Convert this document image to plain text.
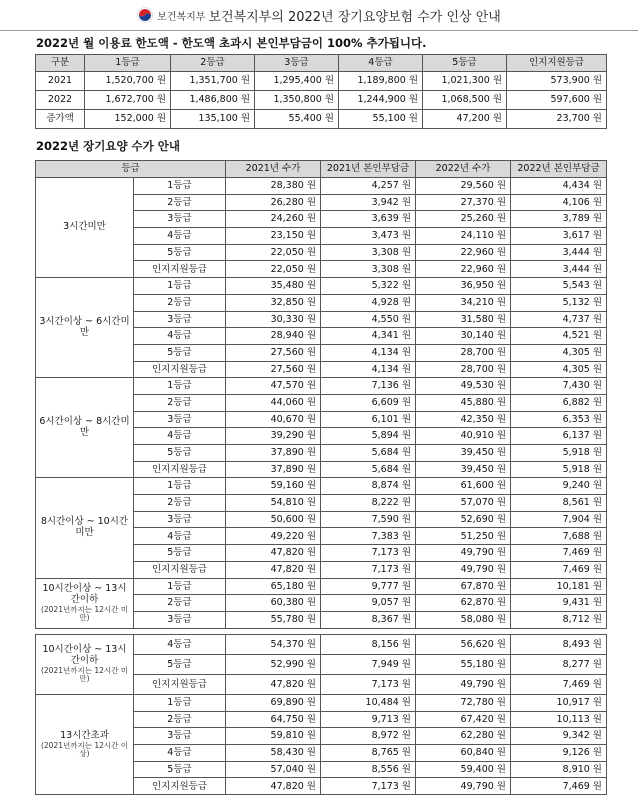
보건복지부 보건복지부의 2022년 장기요양보험 수가 인상 안내
2022년 월 이용료 한도액 - 한도액 초과시 본인부담금이 100% 추가됩니다.
구분	1등급	2등급	3등급	4등급	5등급	인지지원등급
2021	1,520,700 원	1,351,700 원	1,295,400 원	1,189,800 원	1,021,300 원	573,900 원
2022	1,672,700 원	1,486,800 원	1,350,800 원	1,244,900 원	1,068,500 원	597,600 원
증가액	152,000 원	135,100 원	55,400 원	55,100 원	47,200 원	23,700 원
2022년 장기요양 수가 안내
등급		2021년 수가	2021년 본인부담금	2022년 수가	2022년 본인부담금

3시간미만	1등급	28,380 원	4,257 원	29,560 원	4,434 원
	2등급	26,280 원	3,942 원	27,370 원	4,106 원
	3등급	24,260 원	3,639 원	25,260 원	3,789 원
	4등급	23,150 원	3,473 원	24,110 원	3,617 원
	5등급	22,050 원	3,308 원	22,960 원	3,444 원
	인지지원등급	22,050 원	3,308 원	22,960 원	3,444 원

3시간이상 ~ 6시간미만	1등급	35,480 원	5,322 원	36,950 원	5,543 원
	2등급	32,850 원	4,928 원	34,210 원	5,132 원
	3등급	30,330 원	4,550 원	31,580 원	4,737 원
	4등급	28,940 원	4,341 원	30,140 원	4,521 원
	5등급	27,560 원	4,134 원	28,700 원	4,305 원
	인지지원등급	27,560 원	4,134 원	28,700 원	4,305 원

6시간이상 ~ 8시간미만	1등급	47,570 원	7,136 원	49,530 원	7,430 원
	2등급	44,060 원	6,609 원	45,880 원	6,882 원
	3등급	40,670 원	6,101 원	42,350 원	6,353 원
	4등급	39,290 원	5,894 원	40,910 원	6,137 원
	5등급	37,890 원	5,684 원	39,450 원	5,918 원
	인지지원등급	37,890 원	5,684 원	39,450 원	5,918 원

8시간이상 ~ 10시간미만	1등급	59,160 원	8,874 원	61,600 원	9,240 원
	2등급	54,810 원	8,222 원	57,070 원	8,561 원
	3등급	50,600 원	7,590 원	52,690 원	7,904 원
	4등급	49,220 원	7,383 원	51,250 원	7,688 원
	5등급	47,820 원	7,173 원	49,790 원	7,469 원
	인지지원등급	47,820 원	7,173 원	49,790 원	7,469 원

10시간이상 ~ 13시간이하
(2021년까지는 12시간 미만)	1등급	65,180 원	9,777 원	67,870 원	10,181 원
	2등급	60,380 원	9,057 원	62,870 원	9,431 원
	3등급	55,780 원	8,367 원	58,080 원	8,712 원
10시간이상 ~ 13시간이하
(2021년까지는 12시간 미만)	4등급	54,370 원	8,156 원	56,620 원	8,493 원
	5등급	52,990 원	7,949 원	55,180 원	8,277 원
	인지지원등급	47,820 원	7,173 원	49,790 원	7,469 원

13시간초과
(2021년까지는 12시간 이상)	1등급	69,890 원	10,484 원	72,780 원	10,917 원
	2등급	64,750 원	9,713 원	67,420 원	10,113 원
	3등급	59,810 원	8,972 원	62,280 원	9,342 원
	4등급	58,430 원	8,765 원	60,840 원	9,126 원
	5등급	57,040 원	8,556 원	59,400 원	8,910 원
	인지지원등급	47,820 원	7,173 원	49,790 원	7,469 원
